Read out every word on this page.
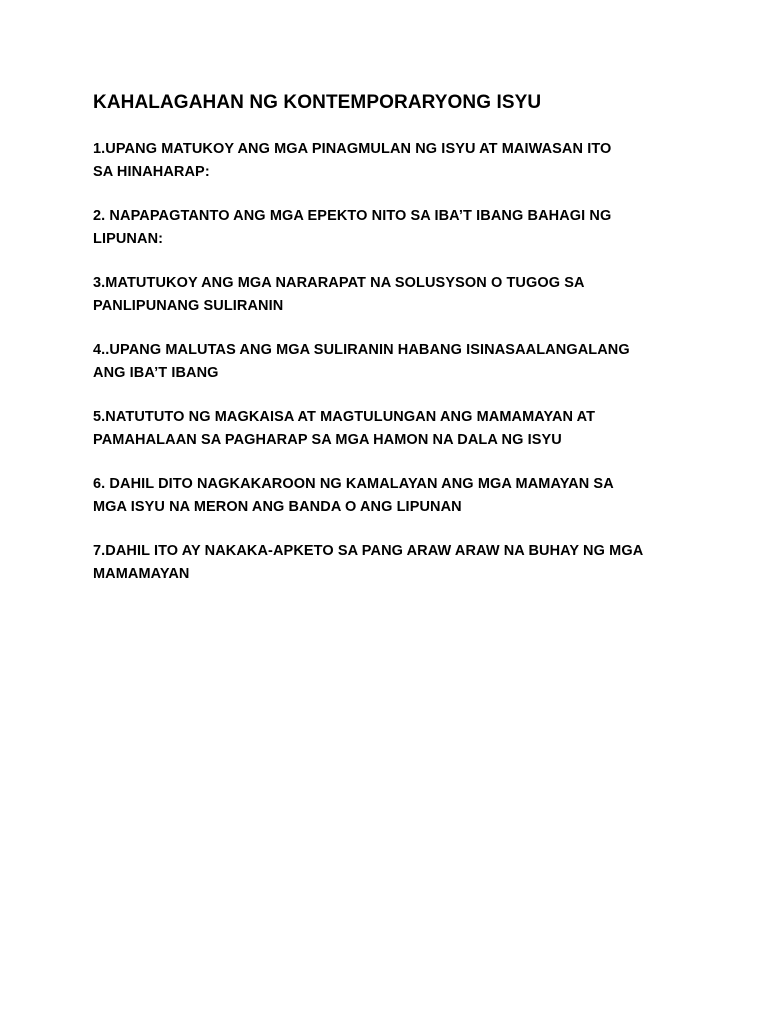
KAHALAGAHAN NG KONTEMPORARYONG ISYU

1.UPANG MATUKOY ANG MGA PINAGMULAN NG ISYU AT MAIWASAN ITO
SA HINAHARAP:

2. NAPAPAGTANTO ANG MGA EPEKTO NITO SA IBA’T IBANG BAHAGI NG
LIPUNAN:

3.MATUTUKOY ANG MGA NARARAPAT NA SOLUSYSON O TUGOG SA
PANLIPUNANG SULIRANIN

4..UPANG MALUTAS ANG MGA SULIRANIN HABANG ISINASAALANGALANG
ANG IBA’T IBANG

5.NATUTUTO NG MAGKAISA AT MAGTULUNGAN ANG MAMAMAYAN AT
PAMAHALAAN SA PAGHARAP SA MGA HAMON NA DALA NG ISYU

6. DAHIL DITO NAGKAKAROON NG KAMALAYAN ANG MGA MAMAYAN SA
MGA ISYU NA MERON ANG BANDA O ANG LIPUNAN

7.DAHIL ITO AY NAKAKA-APKETO SA PANG ARAW ARAW NA BUHAY NG MGA
MAMAMAYAN
